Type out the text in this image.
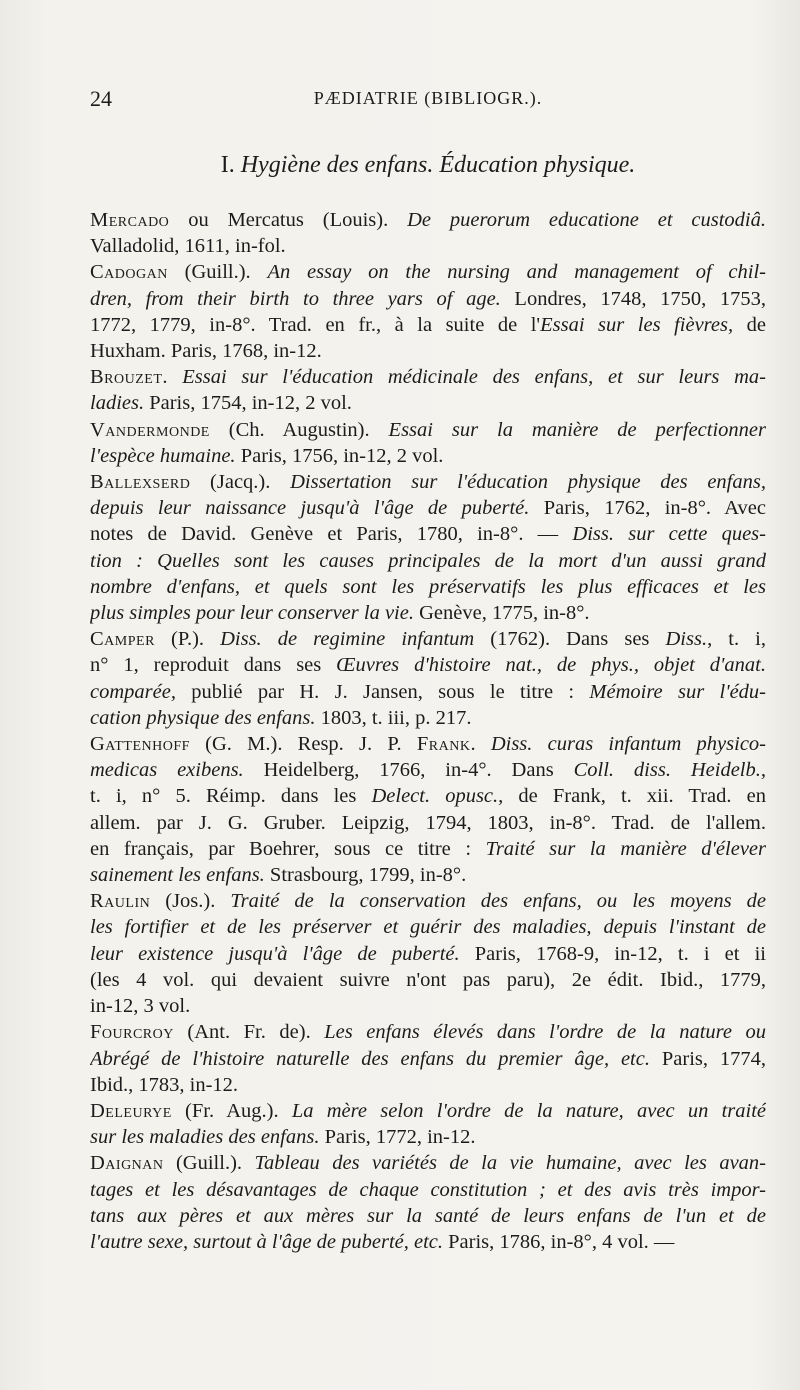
24	PÆDIATRIE (BIBLIOGR.).
I. Hygiène des enfans. Éducation physique.
Mercado ou Mercatus (Louis). De puerorum educatione et custodiâ.
Valladolid, 1611, in-fol.
Cadogan (Guill.). An essay on the nursing and management of chil-
dren, from their birth to three yars of age. Londres, 1748, 1750, 1753,
1772, 1779, in-8°. Trad. en fr., à la suite de l'Essai sur les fièvres, de
Huxham. Paris, 1768, in-12.
Brouzet. Essai sur l'éducation médicinale des enfans, et sur leurs ma-
ladies. Paris, 1754, in-12, 2 vol.
Vandermonde (Ch. Augustin). Essai sur la manière de perfectionner
l'espèce humaine. Paris, 1756, in-12, 2 vol.
Ballexserd (Jacq.). Dissertation sur l'éducation physique des enfans,
depuis leur naissance jusqu'à l'âge de puberté. Paris, 1762, in-8°. Avec
notes de David. Genève et Paris, 1780, in-8°. — Diss. sur cette ques-
tion : Quelles sont les causes principales de la mort d'un aussi grand
nombre d'enfans, et quels sont les préservatifs les plus efficaces et les
plus simples pour leur conserver la vie. Genève, 1775, in-8°.
Camper (P.). Diss. de regimine infantum (1762). Dans ses Diss., t. i,
n° 1, reproduit dans ses Œuvres d'histoire nat., de phys., objet d'anat.
comparée, publié par H. J. Jansen, sous le titre : Mémoire sur l'édu-
cation physique des enfans. 1803, t. iii, p. 217.
Gattenhoff (G. M.). Resp. J. P. Frank. Diss. curas infantum physico-
medicas exibens. Heidelberg, 1766, in-4°. Dans Coll. diss. Heidelb.,
t. i, n° 5. Réimp. dans les Delect. opusc., de Frank, t. xii. Trad. en
allem. par J. G. Gruber. Leipzig, 1794, 1803, in-8°. Trad. de l'allem.
en français, par Boehrer, sous ce titre : Traité sur la manière d'élever
sainement les enfans. Strasbourg, 1799, in-8°.
Raulin (Jos.). Traité de la conservation des enfans, ou les moyens de
les fortifier et de les préserver et guérir des maladies, depuis l'instant de
leur existence jusqu'à l'âge de puberté. Paris, 1768-9, in-12, t. i et ii
(les 4 vol. qui devaient suivre n'ont pas paru), 2e édit. Ibid., 1779,
in-12, 3 vol.
Fourcroy (Ant. Fr. de). Les enfans élevés dans l'ordre de la nature ou
Abrégé de l'histoire naturelle des enfans du premier âge, etc. Paris, 1774,
Ibid., 1783, in-12.
Deleurye (Fr. Aug.). La mère selon l'ordre de la nature, avec un traité
sur les maladies des enfans. Paris, 1772, in-12.
Daignan (Guill.). Tableau des variétés de la vie humaine, avec les avan-
tages et les désavantages de chaque constitution ; et des avis très impor-
tans aux pères et aux mères sur la santé de leurs enfans de l'un et de
l'autre sexe, surtout à l'âge de puberté, etc. Paris, 1786, in-8°, 4 vol. —
